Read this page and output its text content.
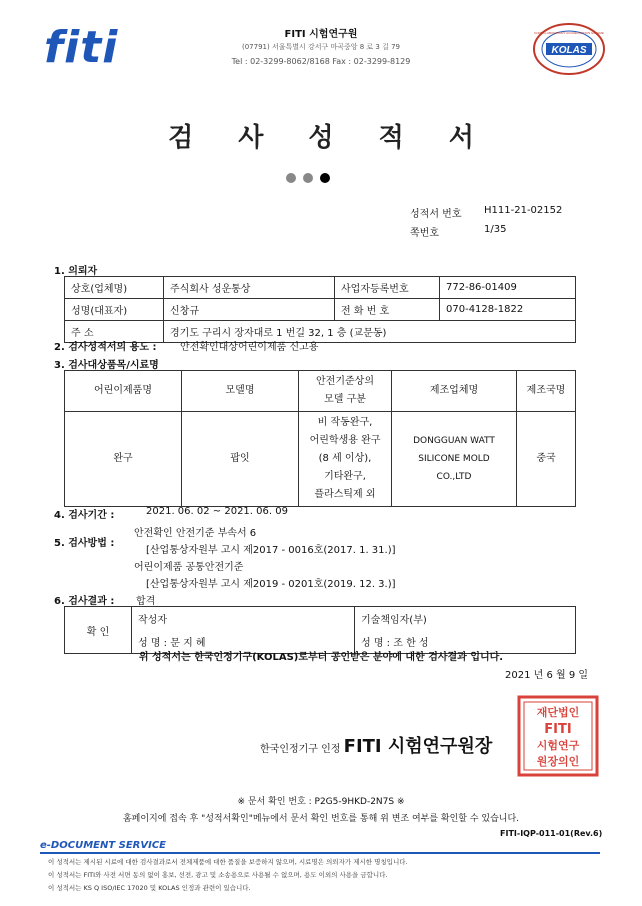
fiti	FITI 시험연구원
(07791) 서울특별시 강서구 마곡중앙 8 로 3 길 79
Tel : 02-3299-8062/8168 Fax : 02-3299-8129
KOLAS
KOREA LABORATORY ACCREDITATION SCHEME
검 사 성 적 서
성적서 번호 H111-21-02152
쪽번호	1/35
1. 의뢰자
상호(업체명)	주식회사 성운통상	사업자등록번호	772-86-01409
성명(대표자)	신창규	전 화 번 호	070-4128-1822
주 소	경기도 구리시 장자대로 1 번길 32, 1 층 (교문동)		
2. 검사성적서의 용도 : 안전확인대상어린이제품 신고용
3. 검사대상품목/시료명
어린이제품명	모델명	안전기준상의
모델 구분	제조업체명	제조국명
완구	팝잇	비 작동완구,
어린학생용 완구
(8 세 이상),
기타완구,
플라스틱제 외	DONGGUAN WATT
SILICONE MOLD
CO.,LTD	중국
4. 검사기간 :	2021. 06. 02 ~ 2021. 06. 09
5. 검사방법 :
안전확인 안전기준 부속서 6
[산업통상자원부 고시 제2017 - 0016호(2017. 1. 31.)]
어린이제품 공통안전기준
[산업통상자원부 고시 제2019 - 0201호(2019. 12. 3.)]
6. 검사결과 : 합격
확 인	작성자	기술책임자(부)
	성 명 : 문 지 혜	성 명 : 조 한 성
위 성적서는 한국인정기구(KOLAS)로부터 공인받은 분야에 대한 검사결과 입니다.
2021 년 6 월 9 일
재단법인
FITI
시험연구
원장의인
한국인정기구 인정 FITI 시험연구원장
※ 문서 확인 번호 : P2G5-9HKD-2N7S ※
홈페이지에 접속 후 "성적서확인"메뉴에서 문서 확인 번호를 통해 위 변조 여부를 확인할 수 있습니다.
FITI-IQP-011-01(Rev.6)
e-DOCUMENT SERVICE
이 성적서는 제시된 시료에 대한 검사결과로서 전체제품에 대한 품질을 보증하지 않으며, 시료명은 의뢰자가 제시한 명칭입니다.
이 성적서는 FITI와 사전 서면 동의 없이 홍보, 선전, 광고 및 소송용으로 사용될 수 없으며, 용도 이외의 사용을 금합니다.
이 성적서는 KS Q ISO/IEC 17020 및 KOLAS 인정과 관련이 있습니다.
